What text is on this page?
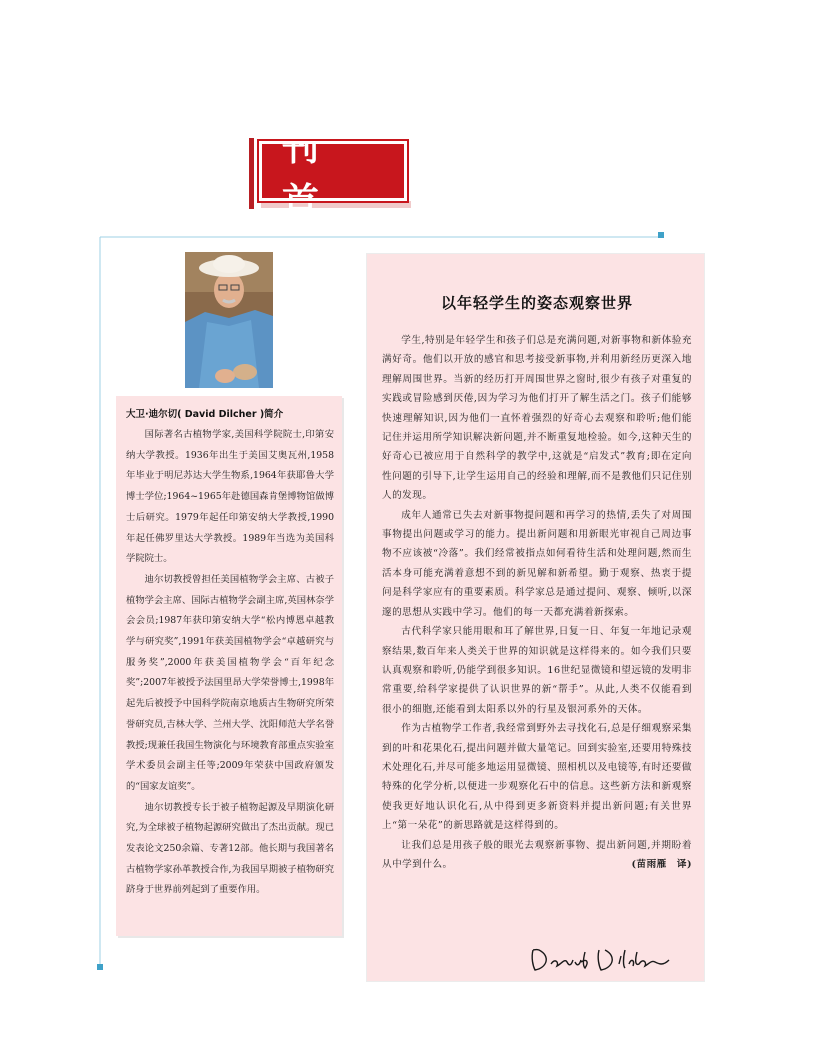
刊首
大卫·迪尔切( David Dilcher )简介

国际著名古植物学家,美国科学院院士,印第安纳大学教授。1936年出生于美国艾奥瓦州,1958年毕业于明尼苏达大学生物系,1964年获耶鲁大学博士学位;1964~1965年赴德国森肯堡博物馆做博士后研究。1979年起任印第安纳大学教授,1990年起任佛罗里达大学教授。1989年当选为美国科学院院士。

迪尔切教授曾担任美国植物学会主席、古被子植物学会主席、国际古植物学会副主席,英国林奈学会会员;1987年获印第安纳大学“松内博恩卓越教学与研究奖”,1991年获美国植物学会“卓越研究与服务奖”,2000年获美国植物学会“百年纪念奖”;2007年被授予法国里昂大学荣誉博士,1998年起先后被授予中国科学院南京地质古生物研究所荣誉研究员,吉林大学、兰州大学、沈阳师范大学名誉教授;现兼任我国生物演化与环境教育部重点实验室学术委员会副主任等;2009年荣获中国政府颁发的“国家友谊奖”。

迪尔切教授专长于被子植物起源及早期演化研究,为全球被子植物起源研究做出了杰出贡献。现已发表论文250余篇、专著12部。他长期与我国著名古植物学家孙革教授合作,为我国早期被子植物研究跻身于世界前列起到了重要作用。

以年轻学生的姿态观察世界

学生,特别是年轻学生和孩子们总是充满问题,对新事物和新体验充满好奇。他们以开放的感官和思考接受新事物,并利用新经历更深入地理解周围世界。当新的经历打开周围世界之窗时,很少有孩子对重复的实践或冒险感到厌倦,因为学习为他们打开了解生活之门。孩子们能够快速理解知识,因为他们一直怀着强烈的好奇心去观察和聆听;他们能记住并运用所学知识解决新问题,并不断重复地检验。如今,这种天生的好奇心已被应用于自然科学的教学中,这就是“启发式”教育;即在定向性问题的引导下,让学生运用自己的经验和理解,而不是教他们只记住别人的发现。

成年人通常已失去对新事物提问题和再学习的热情,丢失了对周围事物提出问题或学习的能力。提出新问题和用新眼光审视自己周边事物不应该被“冷落”。我们经常被指点如何看待生活和处理问题,然而生活本身可能充满着意想不到的新见解和新希望。勤于观察、热衷于提问是科学家应有的重要素质。科学家总是通过提问、观察、倾听,以深邃的思想从实践中学习。他们的每一天都充满着新探索。

古代科学家只能用眼和耳了解世界,日复一日、年复一年地记录观察结果,数百年来人类关于世界的知识就是这样得来的。如今我们只要认真观察和聆听,仍能学到很多知识。16世纪显微镜和望远镜的发明非常重要,给科学家提供了认识世界的新“帮手”。从此,人类不仅能看到很小的细胞,还能看到太阳系以外的行星及银河系外的天体。

作为古植物学工作者,我经常到野外去寻找化石,总是仔细观察采集到的叶和花果化石,提出问题并做大量笔记。回到实验室,还要用特殊技术处理化石,并尽可能多地运用显微镜、照相机以及电镜等,有时还要做特殊的化学分析,以便进一步观察化石中的信息。这些新方法和新观察使我更好地认识化石,从中得到更多新资料并提出新问题;有关世界上“第一朵花”的新思路就是这样得到的。

让我们总是用孩子般的眼光去观察新事物、提出新问题,并期盼着从中学到什么。	(苗雨雁　译)
